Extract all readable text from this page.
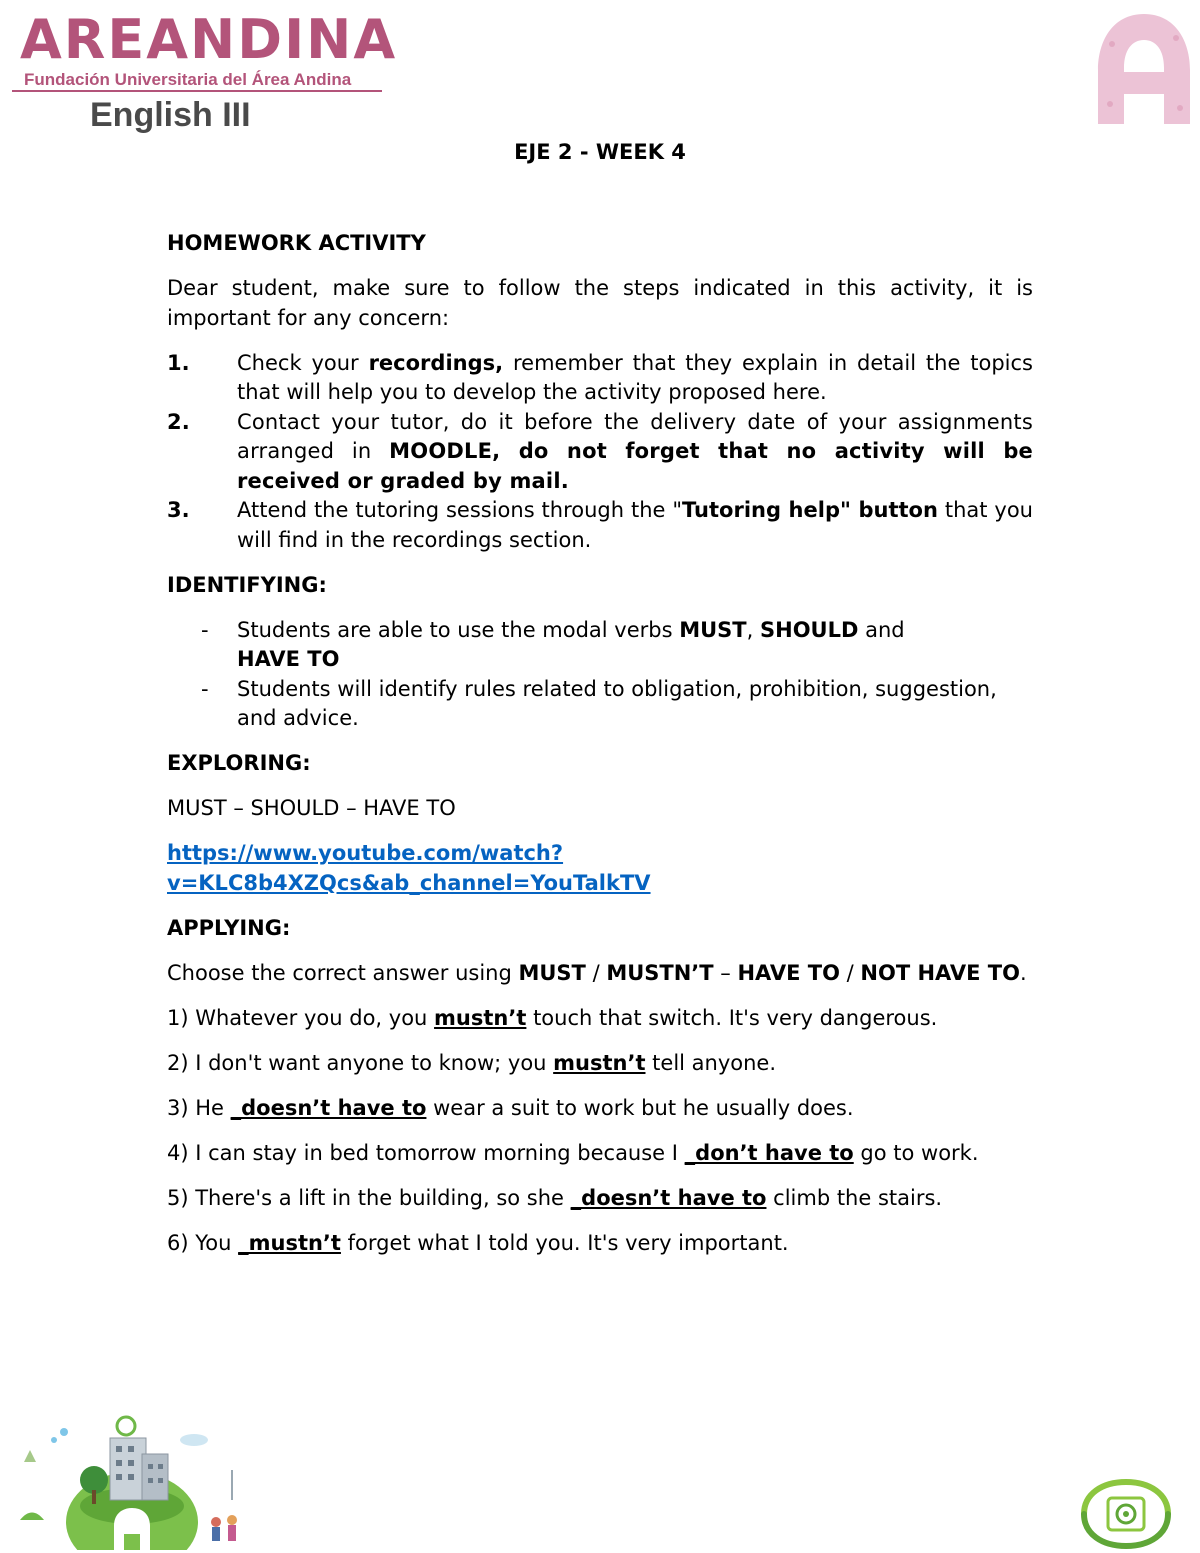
AREANDINA
Fundación Universitaria del Área Andina
English III
EJE 2 - WEEK 4

HOMEWORK ACTIVITY

Dear student, make sure to follow the steps indicated in this activity, it is important for any concern:

1. Check your recordings, remember that they explain in detail the topics that will help you to develop the activity proposed here.
2. Contact your tutor, do it before the delivery date of your assignments arranged in MOODLE, do not forget that no activity will be received or graded by mail.
3. Attend the tutoring sessions through the "Tutoring help" button that you will find in the recordings section.

IDENTIFYING:

- Students are able to use the modal verbs MUST, SHOULD and
HAVE TO
- Students will identify rules related to obligation, prohibition, suggestion, and advice.

EXPLORING:

MUST – SHOULD – HAVE TO

https://www.youtube.com/watch?
v=KLC8b4XZQcs&ab_channel=YouTalkTV

APPLYING:

Choose the correct answer using MUST / MUSTN’T – HAVE TO / NOT HAVE TO.

1) Whatever you do, you mustn’t touch that switch. It's very dangerous.

2) I don't want anyone to know; you mustn’t tell anyone.

3) He _doesn’t have to wear a suit to work but he usually does.

4) I can stay in bed tomorrow morning because I _don’t have to go to work.

5) There's a lift in the building, so she _doesn’t have to climb the stairs.

6) You _mustn’t forget what I told you. It's very important.
